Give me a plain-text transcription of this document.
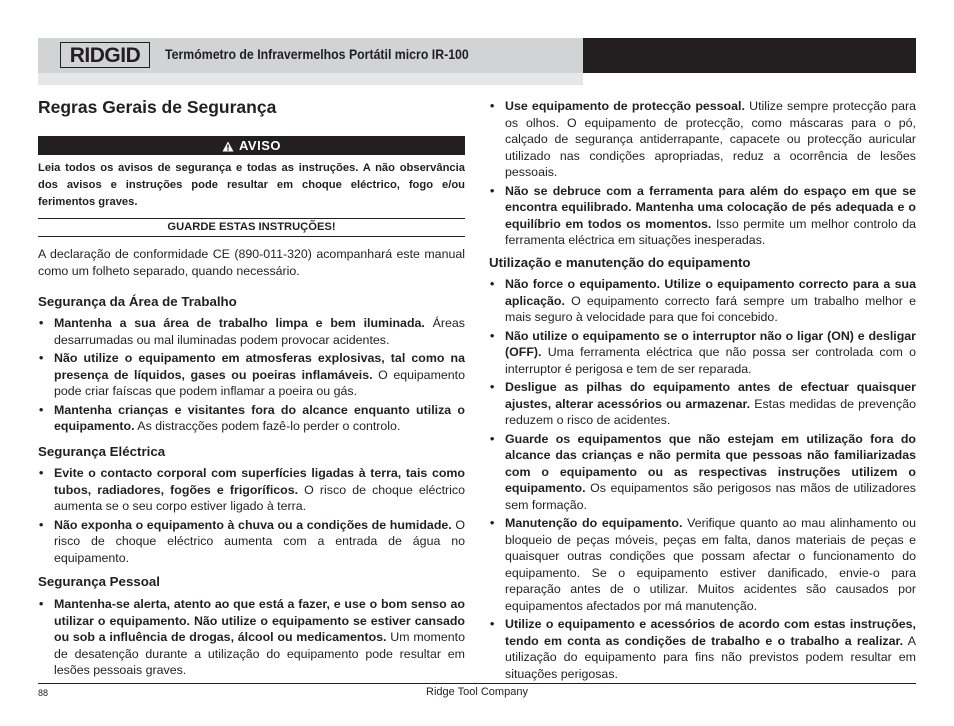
RIDGID Termómetro de Infravermelhos Portátil micro IR-100
Regras Gerais de Segurança
AVISO
Leia todos os avisos de segurança e todas as instruções. A não observância dos avisos e instruções pode resultar em choque eléctrico, fogo e/ou ferimentos graves.
GUARDE ESTAS INSTRUÇÕES!
A declaração de conformidade CE (890-011-320) acompanhará este manual como um folheto separado, quando necessário.
Segurança da Área de Trabalho
• Mantenha a sua área de trabalho limpa e bem iluminada. Áreas desarrumadas ou mal iluminadas podem provocar acidentes.
• Não utilize o equipamento em atmosferas explosivas, tal como na presença de líquidos, gases ou poeiras inflamáveis. O equipamento pode criar faíscas que podem inflamar a poeira ou gás.
• Mantenha crianças e visitantes fora do alcance enquanto utiliza o equipamento. As distracções podem fazê-lo perder o controlo.
Segurança Eléctrica
• Evite o contacto corporal com superfícies ligadas à terra, tais como tubos, radiadores, fogões e frigoríficos. O risco de choque eléctrico aumenta se o seu corpo estiver ligado à terra.
• Não exponha o equipamento à chuva ou a condições de humidade. O risco de choque eléctrico aumenta com a entrada de água no equipamento.
Segurança Pessoal
• Mantenha-se alerta, atento ao que está a fazer, e use o bom senso ao utilizar o equipamento. Não utilize o equipamento se estiver cansado ou sob a influência de drogas, álcool ou medicamentos. Um momento de desatenção durante a utilização do equipamento pode resultar em lesões pessoais graves.
• Use equipamento de protecção pessoal. Utilize sempre protecção para os olhos. O equipamento de protecção, como máscaras para o pó, calçado de segurança antiderrapante, capacete ou protecção auricular utilizado nas condições apropriadas, reduz a ocorrência de lesões pessoais.
• Não se debruce com a ferramenta para além do espaço em que se encontra equilibrado. Mantenha uma colocação de pés adequada e o equilíbrio em todos os momentos. Isso permite um melhor controlo da ferramenta eléctrica em situações inesperadas.
Utilização e manutenção do equipamento
• Não force o equipamento. Utilize o equipamento correcto para a sua aplicação. O equipamento correcto fará sempre um trabalho melhor e mais seguro à velocidade para que foi concebido.
• Não utilize o equipamento se o interruptor não o ligar (ON) e desligar (OFF). Uma ferramenta eléctrica que não possa ser controlada com o interruptor é perigosa e tem de ser reparada.
• Desligue as pilhas do equipamento antes de efectuar quaisquer ajustes, alterar acessórios ou armazenar. Estas medidas de prevenção reduzem o risco de acidentes.
• Guarde os equipamentos que não estejam em utilização fora do alcance das crianças e não permita que pessoas não familiarizadas com o equipamento ou as respectivas instruções utilizem o equipamento. Os equipamentos são perigosos nas mãos de utilizadores sem formação.
• Manutenção do equipamento. Verifique quanto ao mau alinhamento ou bloqueio de peças móveis, peças em falta, danos materiais de peças e quaisquer outras condições que possam afectar o funcionamento do equipamento. Se o equipamento estiver danificado, envie-o para reparação antes de o utilizar. Muitos acidentes são causados por equipamentos afectados por má manutenção.
• Utilize o equipamento e acessórios de acordo com estas instruções, tendo em conta as condições de trabalho e o trabalho a realizar. A utilização do equipamento para fins não previstos podem resultar em situações perigosas.
88	Ridge Tool Company
